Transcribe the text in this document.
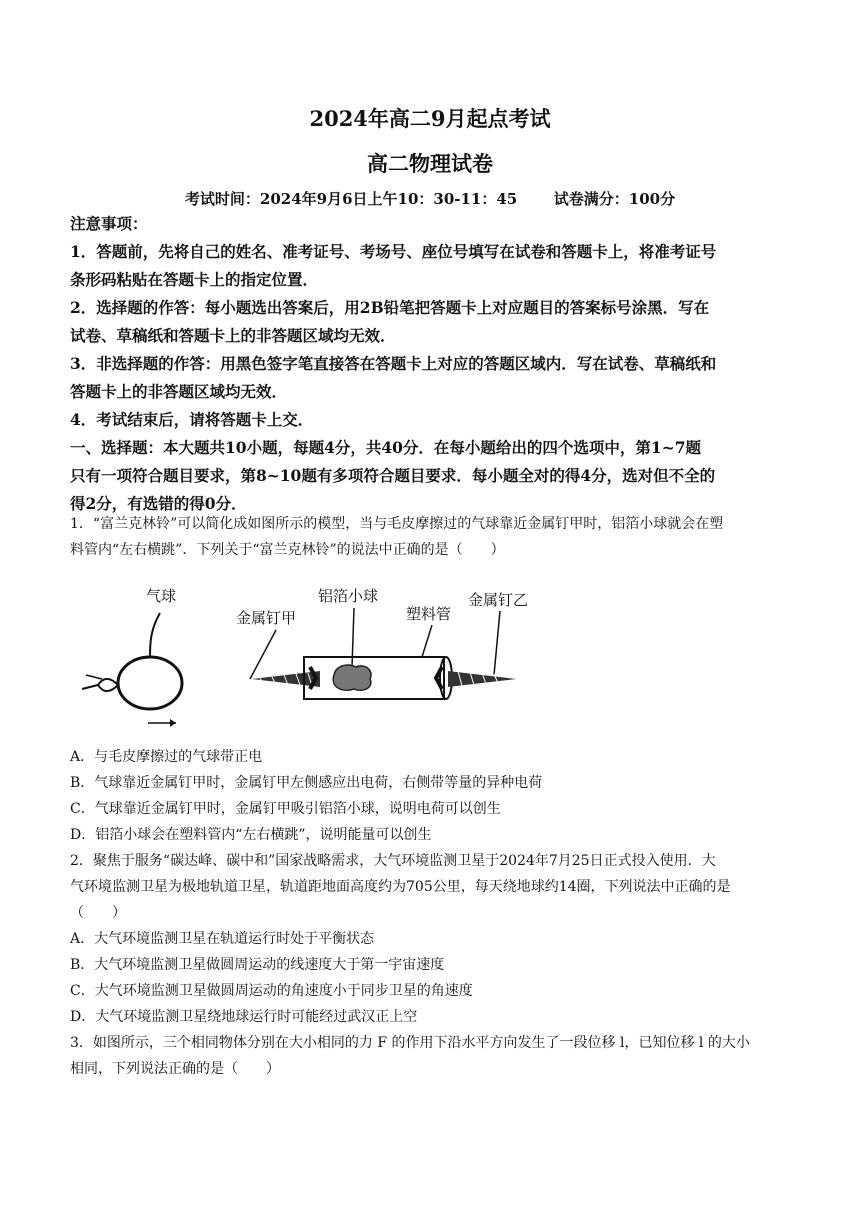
2024年高二9月起点考试
高二物理试卷
考试时间：2024年9月6日上午10：30-11：45       试卷满分：100分
注意事项：
1．答题前，先将自己的姓名、准考证号、考场号、座位号填写在试卷和答题卡上，将准考证号
条形码粘贴在答题卡上的指定位置．
2．选择题的作答：每小题选出答案后，用2B铅笔把答题卡上对应题目的答案标号涂黑．写在
试卷、草稿纸和答题卡上的非答题区域均无效．
3．非选择题的作答：用黑色签字笔直接答在答题卡上对应的答题区域内．写在试卷、草稿纸和
答题卡上的非答题区域均无效．
4．考试结束后，请将答题卡上交．
一、选择题：本大题共10小题，每题4分，共40分．在每小题给出的四个选项中，第1~7题
只有一项符合题目要求，第8~10题有多项符合题目要求．每小题全对的得4分，选对但不全的
得2分，有选错的得0分．
1．“富兰克林铃”可以简化成如图所示的模型，当与毛皮摩擦过的气球靠近金属钉甲时，铝箔小球就会在塑
料管内“左右横跳”．下列关于“富兰克林铃”的说法中正确的是（　　）
气球
金属钉甲	塑料管
铝箔小球	金属钉乙
A．与毛皮摩擦过的气球带正电
B．气球靠近金属钉甲时，金属钉甲左侧感应出电荷，右侧带等量的异种电荷
C．气球靠近金属钉甲时，金属钉甲吸引铝箔小球，说明电荷可以创生
D．铝箔小球会在塑料管内“左右横跳”，说明能量可以创生
2．聚焦于服务“碳达峰、碳中和”国家战略需求，大气环境监测卫星于2024年7月25日正式投入使用．大
气环境监测卫星为极地轨道卫星，轨道距地面高度约为705公里，每天绕地球约14圈，下列说法中正确的是
（　　）
A．大气环境监测卫星在轨道运行时处于平衡状态
B．大气环境监测卫星做圆周运动的线速度大于第一宇宙速度
C．大气环境监测卫星做圆周运动的角速度小于同步卫星的角速度
D．大气环境监测卫星绕地球运行时可能经过武汉正上空
3．如图所示，三个相同物体分别在大小相同的力 F 的作用下沿水平方向发生了一段位移 l，已知位移 l 的大小
相同，下列说法正确的是（　　）
